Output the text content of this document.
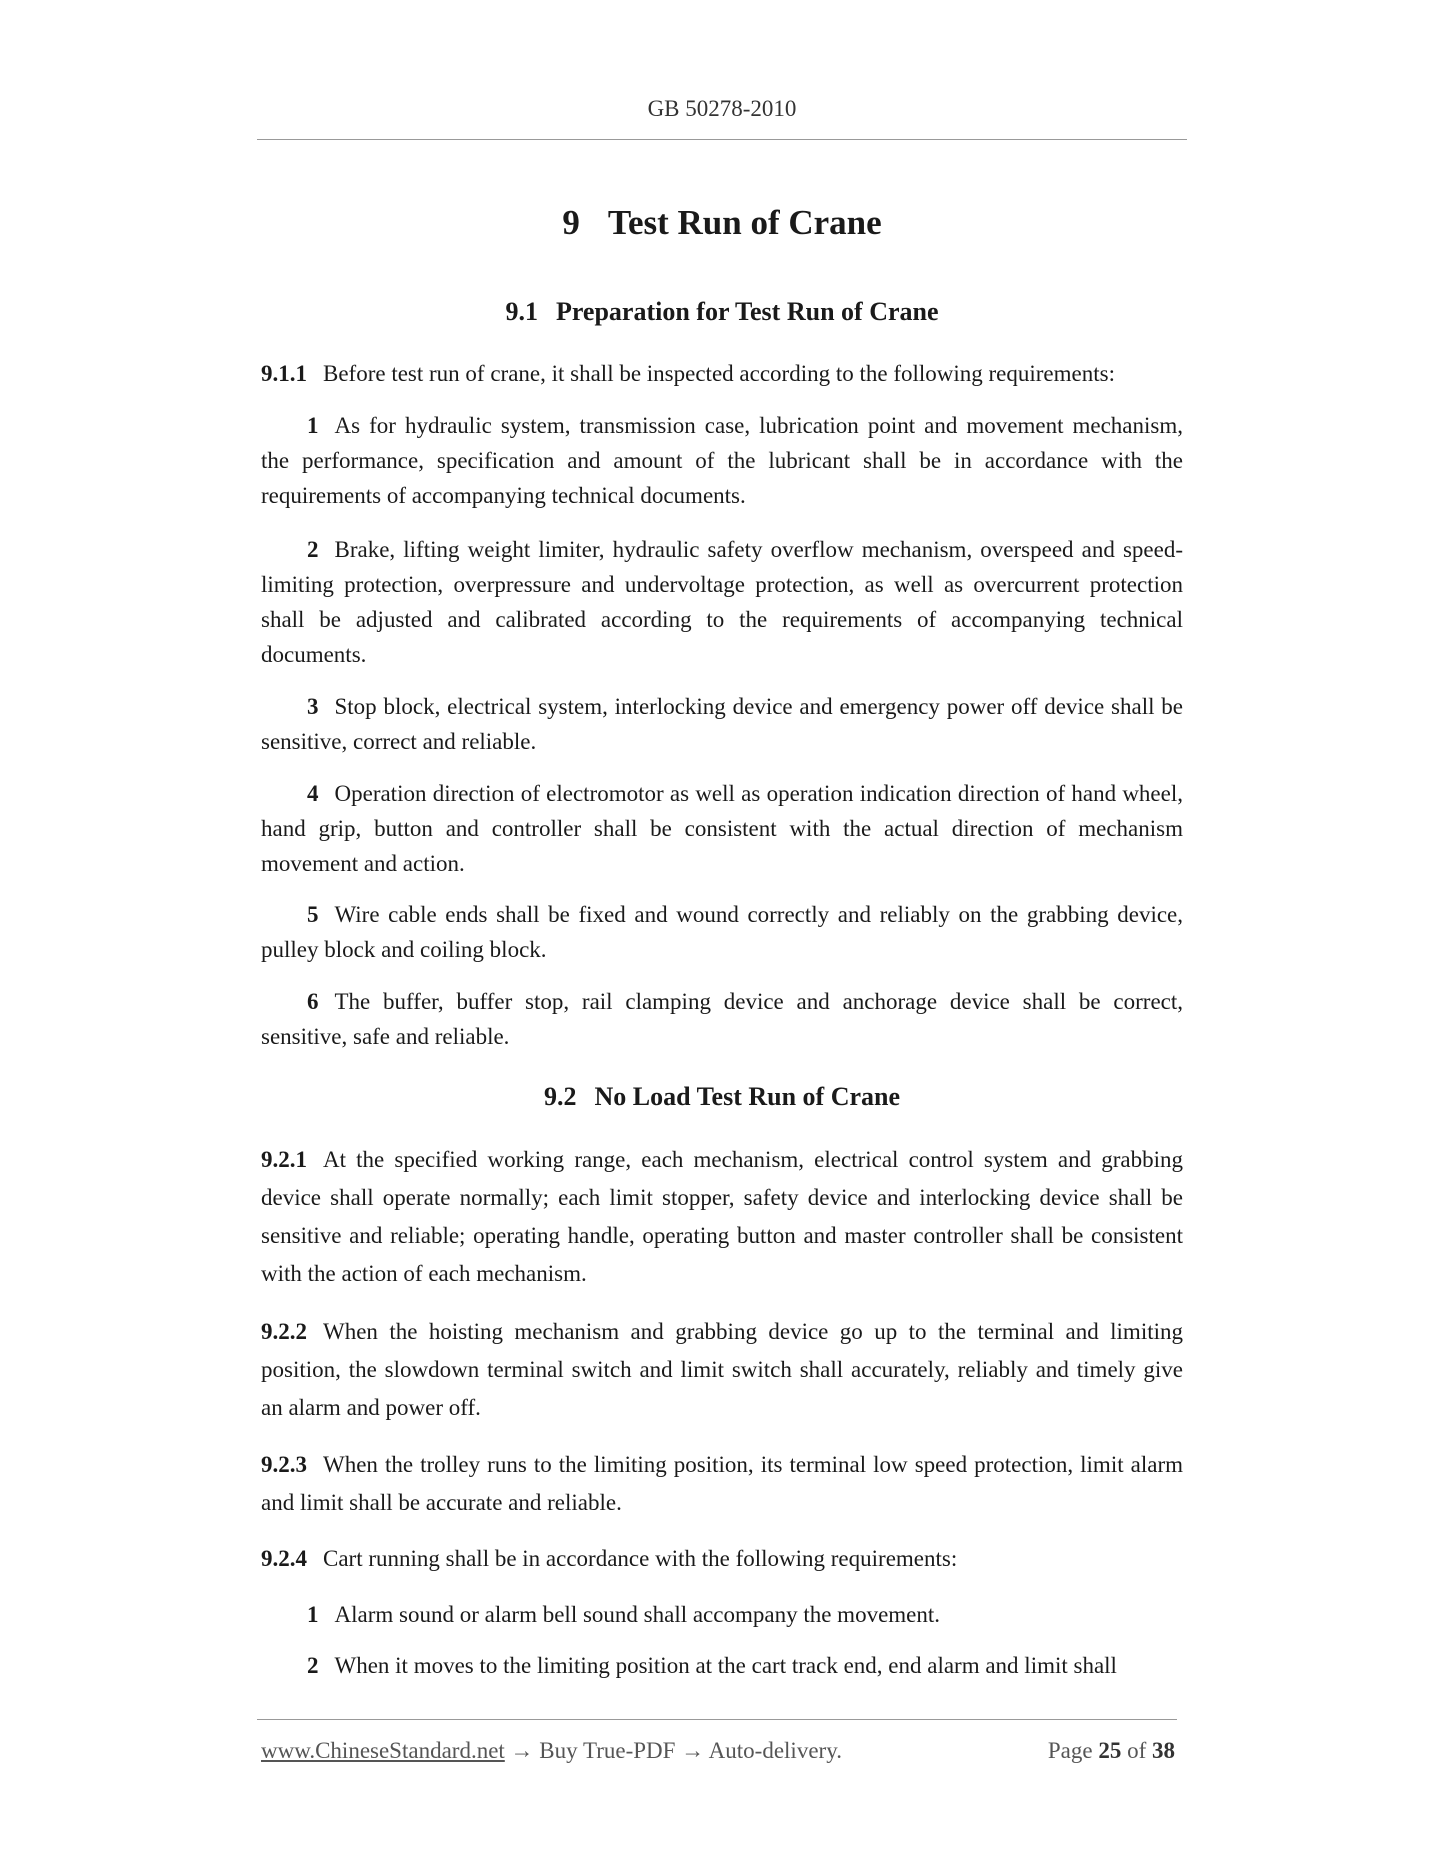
GB 50278-2010
9 Test Run of Crane
9.1 Preparation for Test Run of Crane

9.1.1 Before test run of crane, it shall be inspected according to the following requirements:

1 As for hydraulic system, transmission case, lubrication point and movement mechanism, the performance, specification and amount of the lubricant shall be in accordance with the requirements of accompanying technical documents.

2 Brake, lifting weight limiter, hydraulic safety overflow mechanism, overspeed and speed-limiting protection, overpressure and undervoltage protection, as well as overcurrent protection shall be adjusted and calibrated according to the requirements of accompanying technical documents.

3 Stop block, electrical system, interlocking device and emergency power off device shall be sensitive, correct and reliable.

4 Operation direction of electromotor as well as operation indication direction of hand wheel, hand grip, button and controller shall be consistent with the actual direction of mechanism movement and action.

5 Wire cable ends shall be fixed and wound correctly and reliably on the grabbing device, pulley block and coiling block.

6 The buffer, buffer stop, rail clamping device and anchorage device shall be correct, sensitive, safe and reliable.

9.2 No Load Test Run of Crane

9.2.1 At the specified working range, each mechanism, electrical control system and grabbing device shall operate normally; each limit stopper, safety device and interlocking device shall be sensitive and reliable; operating handle, operating button and master controller shall be consistent with the action of each mechanism.

9.2.2 When the hoisting mechanism and grabbing device go up to the terminal and limiting position, the slowdown terminal switch and limit switch shall accurately, reliably and timely give an alarm and power off.

9.2.3 When the trolley runs to the limiting position, its terminal low speed protection, limit alarm and limit shall be accurate and reliable.

9.2.4 Cart running shall be in accordance with the following requirements:

1 Alarm sound or alarm bell sound shall accompany the movement.

2 When it moves to the limiting position at the cart track end, end alarm and limit shall

www.ChineseStandard.net → Buy True-PDF → Auto-delivery.	Page 25 of 38
